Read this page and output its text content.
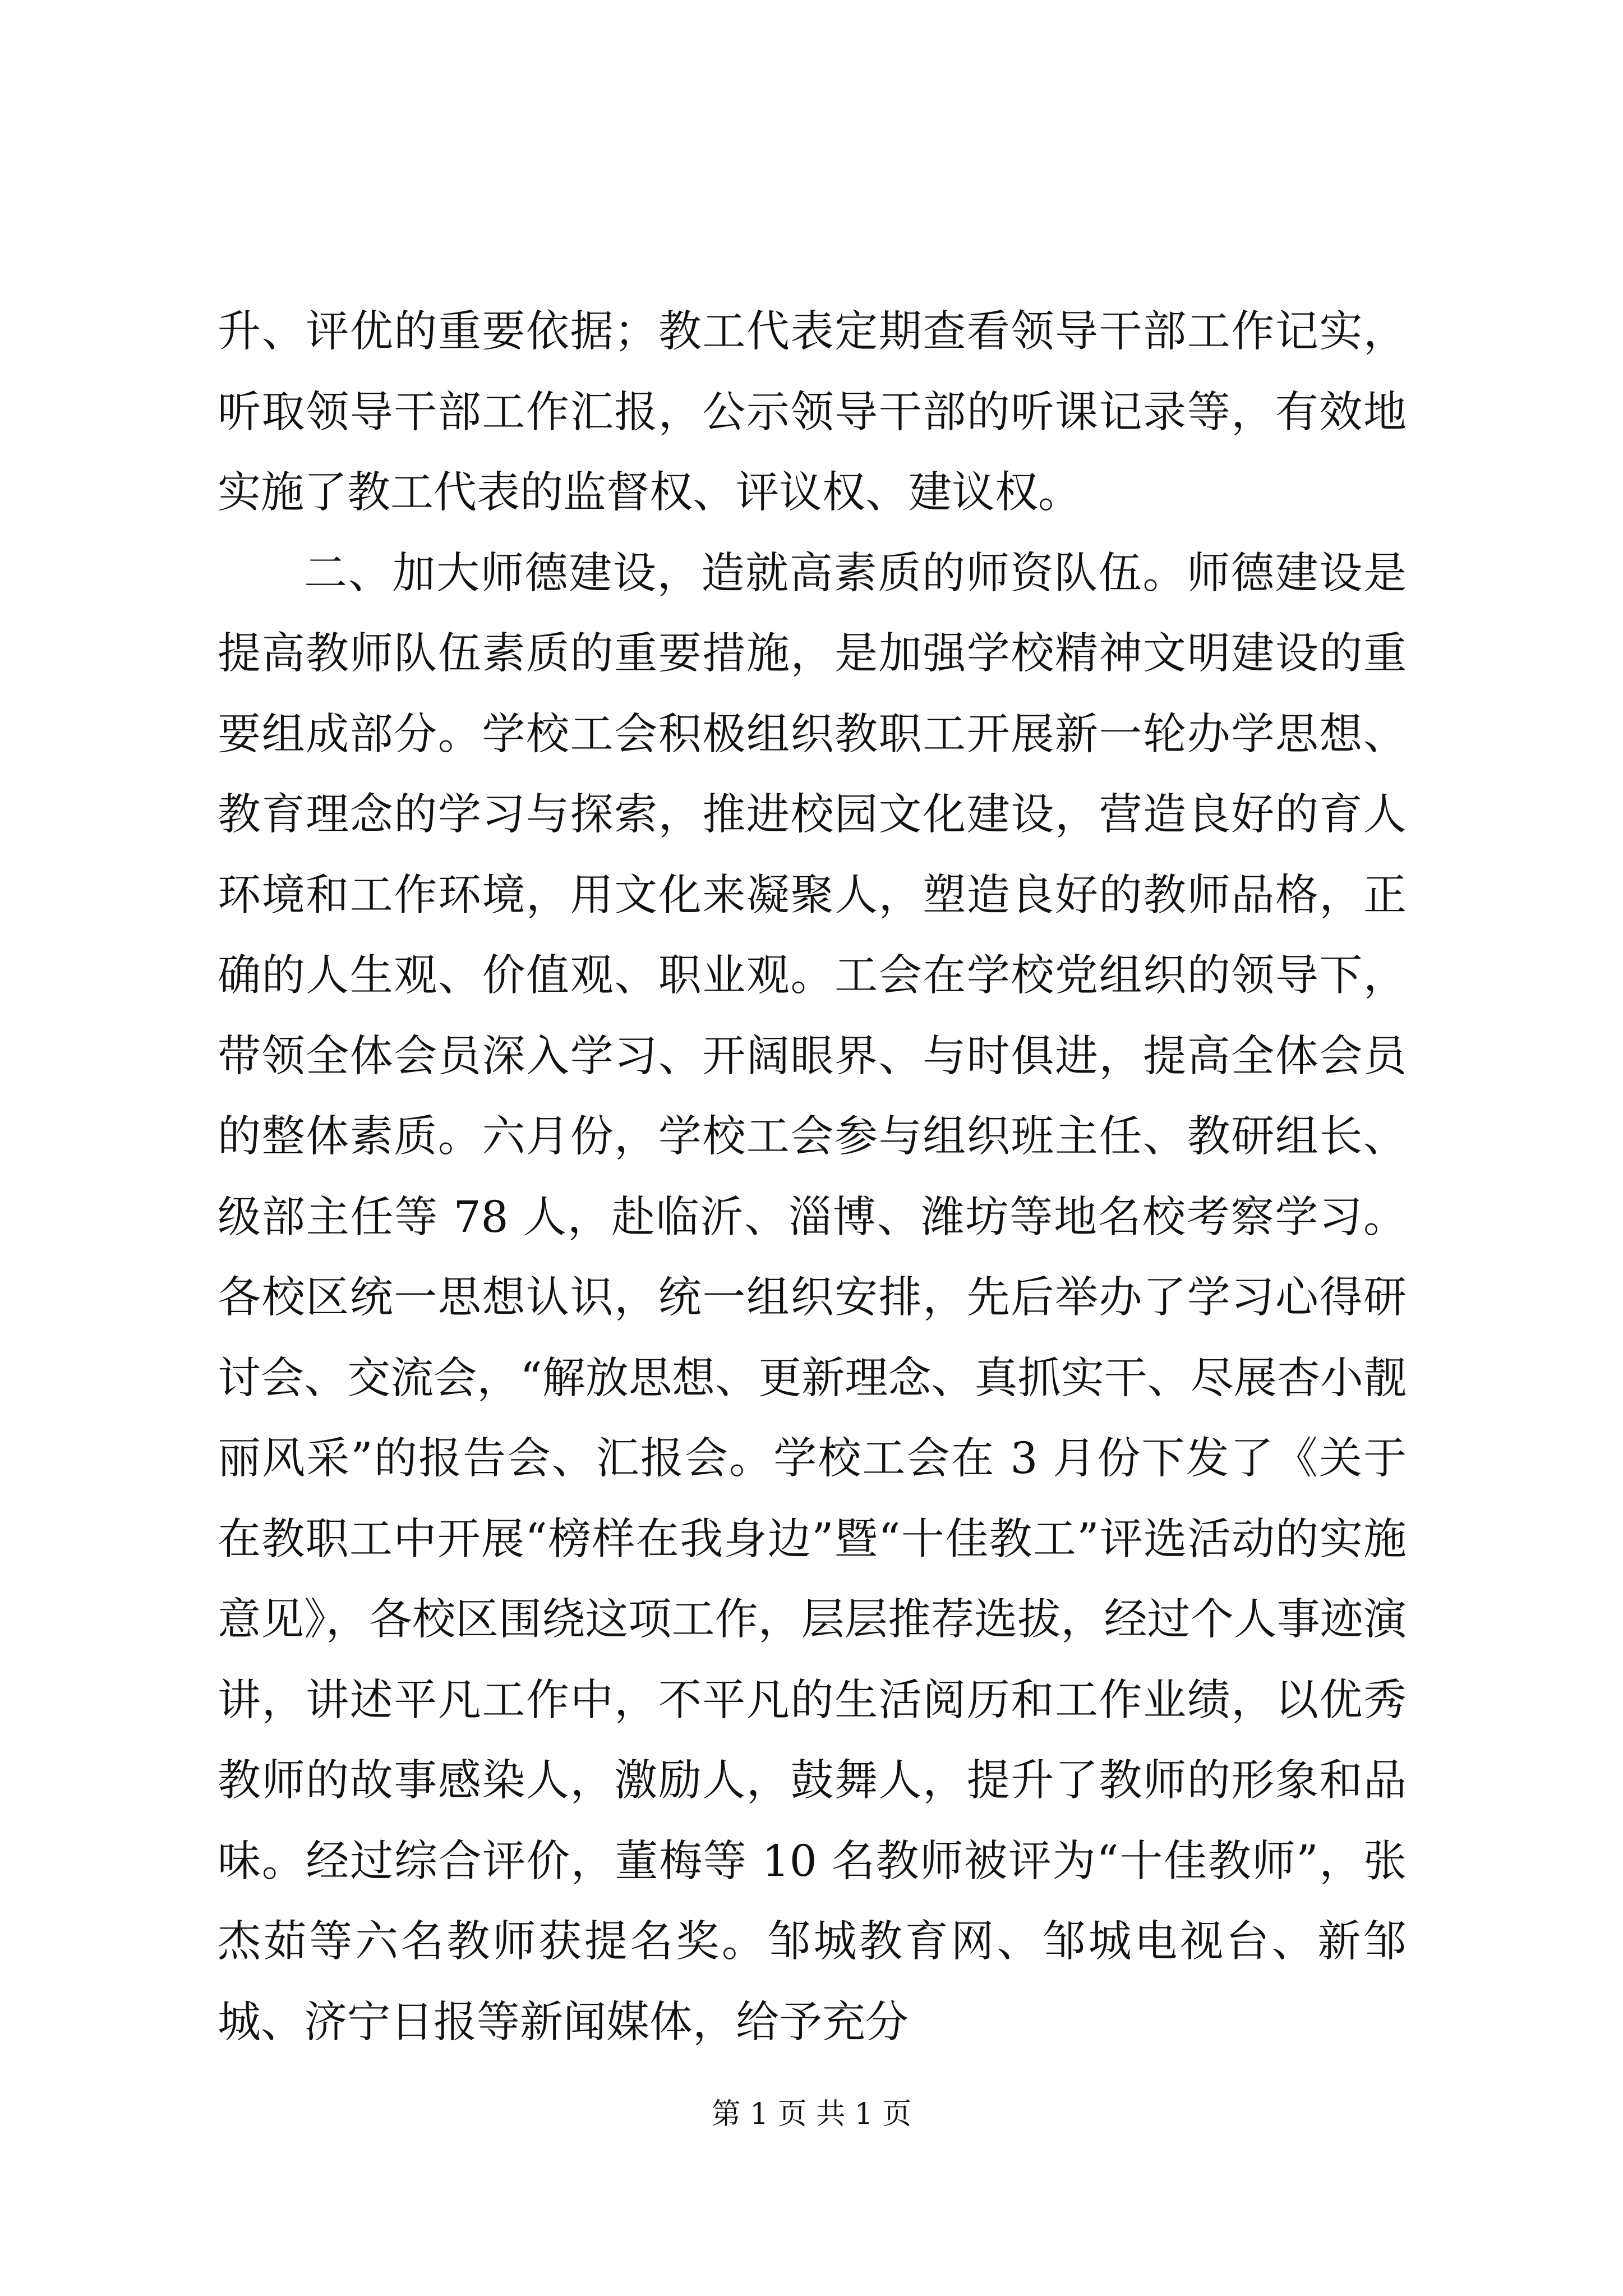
升、评优的重要依据；教工代表定期查看领导干部工作记实，听取领导干部工作汇报，公示领导干部的听课记录等，有效地实施了教工代表的监督权、评议权、建议权。

二、加大师德建设，造就高素质的师资队伍。师德建设是提高教师队伍素质的重要措施，是加强学校精神文明建设的重要组成部分。学校工会积极组织教职工开展新一轮办学思想、教育理念的学习与探索，推进校园文化建设，营造良好的育人环境和工作环境，用文化来凝聚人，塑造良好的教师品格，正确的人生观、价值观、职业观。工会在学校党组织的领导下，带领全体会员深入学习、开阔眼界、与时俱进，提高全体会员的整体素质。六月份，学校工会参与组织班主任、教研组长、级部主任等 78 人，赴临沂、淄博、潍坊等地名校考察学习。各校区统一思想认识，统一组织安排，先后举办了学习心得研讨会、交流会，“解放思想、更新理念、真抓实干、尽展杏小靓丽风采”的报告会、汇报会。学校工会在 3 月份下发了《关于在教职工中开展“榜样在我身边”暨“十佳教工”评选活动的实施意见》，各校区围绕这项工作，层层推荐选拔，经过个人事迹演讲，讲述平凡工作中，不平凡的生活阅历和工作业绩，以优秀教师的故事感染人，激励人，鼓舞人，提升了教师的形象和品味。经过综合评价，董梅等 10 名教师被评为“十佳教师”，张杰茹等六名教师获提名奖。邹城教育网、邹城电视台、新邹城、济宁日报等新闻媒体，给予充分

第 1 页 共 1 页
